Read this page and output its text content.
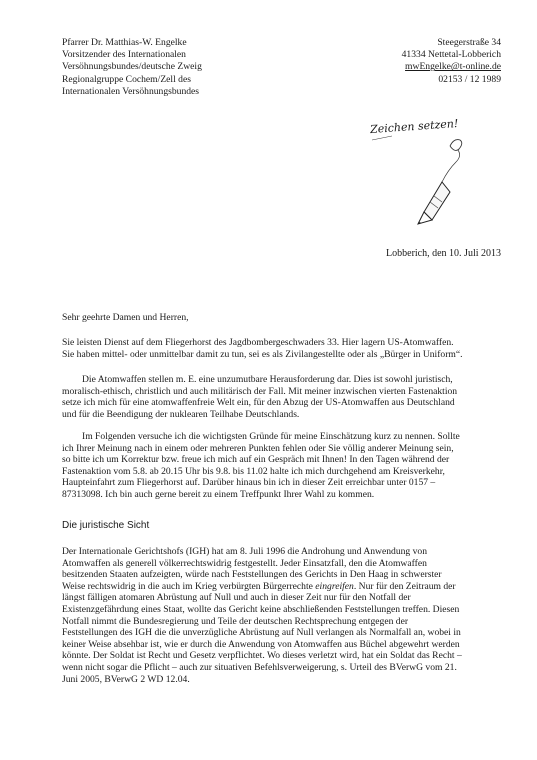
Pfarrer Dr. Matthias-W. Engelke
Vorsitzender des Internationalen
Versöhnungsbundes/deutsche Zweig
Regionalgruppe Cochem/Zell des
Internationalen Versöhnungsbundes
Steegerstraße 34
41334 Nettetal-Lobberich
mwEngelke@t-online.de
02153 / 12 1989
Zeichen setzen!
Lobberich, den 10. Juli 2013
Sehr geehrte Damen und Herren,
Sie leisten Dienst auf dem Fliegerhorst des Jagdbombergeschwaders 33. Hier lagern US-Atomwaffen.
Sie haben mittel- oder unmittelbar damit zu tun, sei es als Zivilangestellte oder als „Bürger in Uniform“.
Die Atomwaffen stellen m. E. eine unzumutbare Herausforderung dar. Dies ist sowohl juristisch,
moralisch-ethisch, christlich und auch militärisch der Fall. Mit meiner inzwischen vierten Fastenaktion
setze ich mich für eine atomwaffenfreie Welt ein, für den Abzug der US-Atomwaffen aus Deutschland
und für die Beendigung der nuklearen Teilhabe Deutschlands.
Im Folgenden versuche ich die wichtigsten Gründe für meine Einschätzung kurz zu nennen. Sollte
ich Ihrer Meinung nach in einem oder mehreren Punkten fehlen oder Sie völlig anderer Meinung sein,
so bitte ich um Korrektur bzw. freue ich mich auf ein Gespräch mit Ihnen! In den Tagen während der
Fastenaktion vom 5.8. ab 20.15 Uhr bis 9.8. bis 11.02 halte ich mich durchgehend am Kreisverkehr,
Haupteinfahrt zum Fliegerhorst auf. Darüber hinaus bin ich in dieser Zeit erreichbar unter 0157 –
87313098. Ich bin auch gerne bereit zu einem Treffpunkt Ihrer Wahl zu kommen.
Die juristische Sicht
Der Internationale Gerichtshofs (IGH) hat am 8. Juli 1996 die Androhung und Anwendung von
Atomwaffen als generell völkerrechtswidrig festgestellt. Jeder Einsatzfall, den die Atomwaffen
besitzenden Staaten aufzeigten, würde nach Feststellungen des Gerichts in Den Haag in schwerster
Weise rechtswidrig in die auch im Krieg verbürgten Bürgerrechte eingreifen. Nur für den Zeitraum der
längst fälligen atomaren Abrüstung auf Null und auch in dieser Zeit nur für den Notfall der
Existenzgefährdung eines Staat, wollte das Gericht keine abschließenden Feststellungen treffen. Diesen
Notfall nimmt die Bundesregierung und Teile der deutschen Rechtsprechung entgegen der
Feststellungen des IGH die die unverzügliche Abrüstung auf Null verlangen als Normalfall an, wobei in
keiner Weise absehbar ist, wie er durch die Anwendung von Atomwaffen aus Büchel abgewehrt werden
könnte. Der Soldat ist Recht und Gesetz verpflichtet. Wo dieses verletzt wird, hat ein Soldat das Recht –
wenn nicht sogar die Pflicht – auch zur situativen Befehlsverweigerung, s. Urteil des BVerwG vom 21.
Juni 2005, BVerwG 2 WD 12.04.
